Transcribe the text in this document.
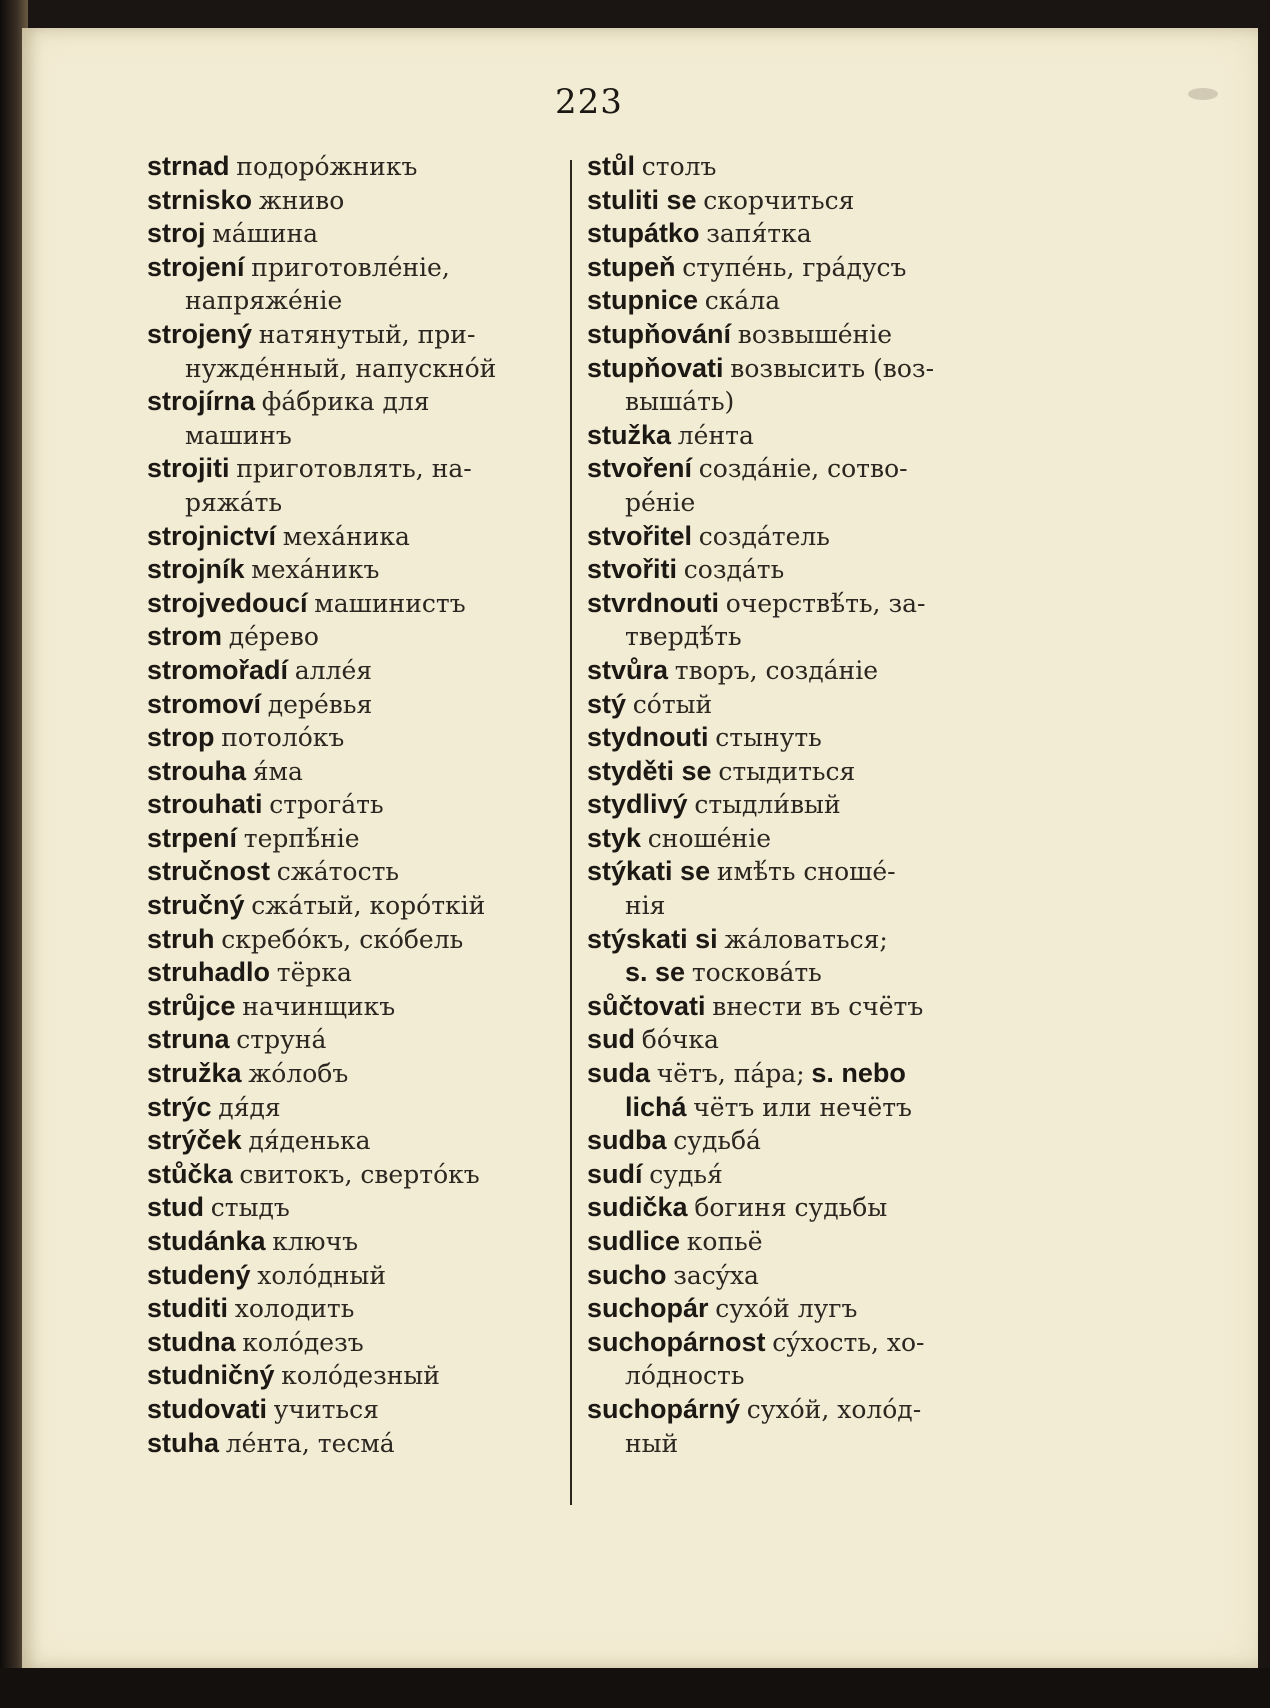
223
strnad подорóжникъ
strnisko жнивo
stroj мáшина
strojení приготовлéніе,
напряжéніе
strojený натянутый, при-
нуждéнный, напускнóй
strojírna фáбрика для
машинъ
strojiti приготовлять, на-
ряжáть
strojnictví мехáника
strojník мехáникъ
strojvedoucí машинистъ
strom дéрево
stromořadí аллéя
stromoví дерéвья
strop потолóкъ
strouha я́ма
strouhati строгáть
strpení терпѣ́ніе
stručnost сжáтость
stručný сжáтый, корóткій
struh скребóкъ, скóбель
struhadlo тёрка
strůjce начинщикъ
struna струнá
stružka жóлобъ
strýc дя́дя
strýček дя́денька
stůčka свитокъ, свертóкъ
stud стыдъ
studánka ключъ
studený холóдный
studiti холодить
studna колóдезъ
studničný колóдезный
studovati учиться
stuha лéнта, тесмá
stůl столъ
stuliti se скорчиться
stupátko запя́тка
stupeň ступéнь, грáдусъ
stupnice скáла
stupňování возвышéніе
stupňovati возвысить (воз-
вышáть)
stužka лéнта
stvoření создáніе, сотво-
рéніе
stvořitel создáтель
stvořiti создáть
stvrdnouti очерствѣ́ть, за-
твердѣ́ть
stvůra творъ, создáніе
stý сóтый
stydnouti стынуть
styděti se стыдиться
stydlivý стыдли́вый
styk сношéніе
stýkati se имѣ́ть сношé-
нія
stýskati si жáловаться;
s. se тосковáть
sůčtovati внести въ счётъ
sud бóчка
suda чётъ, пáра; s. nebo
lichá чётъ или нечётъ
sudba судьбá
sudí судья́
sudička богиня судьбы
sudlice копьё
sucho засýха
suchopár сухóй лугъ
suchopárnost сýхость, хо-
лóдность
suchopárný сухóй, холóд-
ный
